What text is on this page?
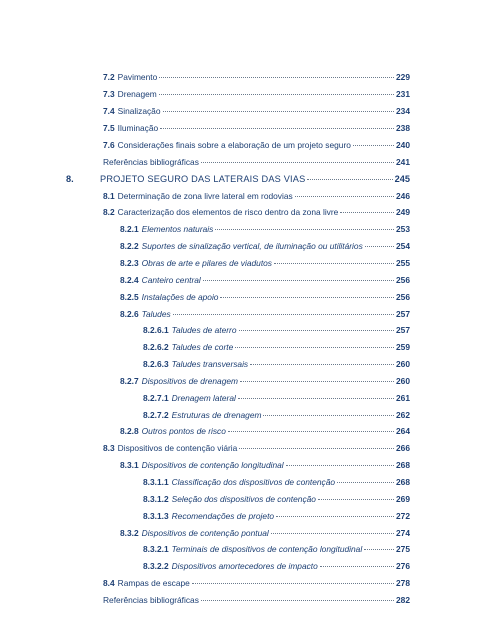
7.2 Pavimento	229
7.3 Drenagem	231
7.4 Sinalização	234
7.5 Iluminação	238
7.6 Considerações finais sobre a elaboração de um projeto seguro	240
Referências bibliográficas	241
8.	PROJETO SEGURO DAS LATERAIS DAS VIAS	245
8.1 Determinação de zona livre lateral em rodovias	246
8.2 Caracterização dos elementos de risco dentro da zona livre	249
8.2.1 Elementos naturais	253
8.2.2 Suportes de sinalização vertical, de iluminação ou utilitários	254
8.2.3 Obras de arte e pilares de viadutos	255
8.2.4 Canteiro central	256
8.2.5 Instalações de apoio	256
8.2.6 Taludes	257
8.2.6.1 Taludes de aterro	257
8.2.6.2 Taludes de corte	259
8.2.6.3 Taludes transversais	260
8.2.7 Dispositivos de drenagem	260
8.2.7.1 Drenagem lateral	261
8.2.7.2 Estruturas de drenagem	262
8.2.8 Outros pontos de risco	264
8.3 Dispositivos de contenção viária	266
8.3.1 Dispositivos de contenção longitudinal	268
8.3.1.1 Classificação dos dispositivos de contenção	268
8.3.1.2 Seleção dos dispositivos de contenção	269
8.3.1.3 Recomendações de projeto	272
8.3.2 Dispositivos de contenção pontual	274
8.3.2.1 Terminais de dispositivos de contenção longitudinal	275
8.3.2.2 Dispositivos amortecedores de impacto	276
8.4 Rampas de escape	278
Referências bibliográficas	282
